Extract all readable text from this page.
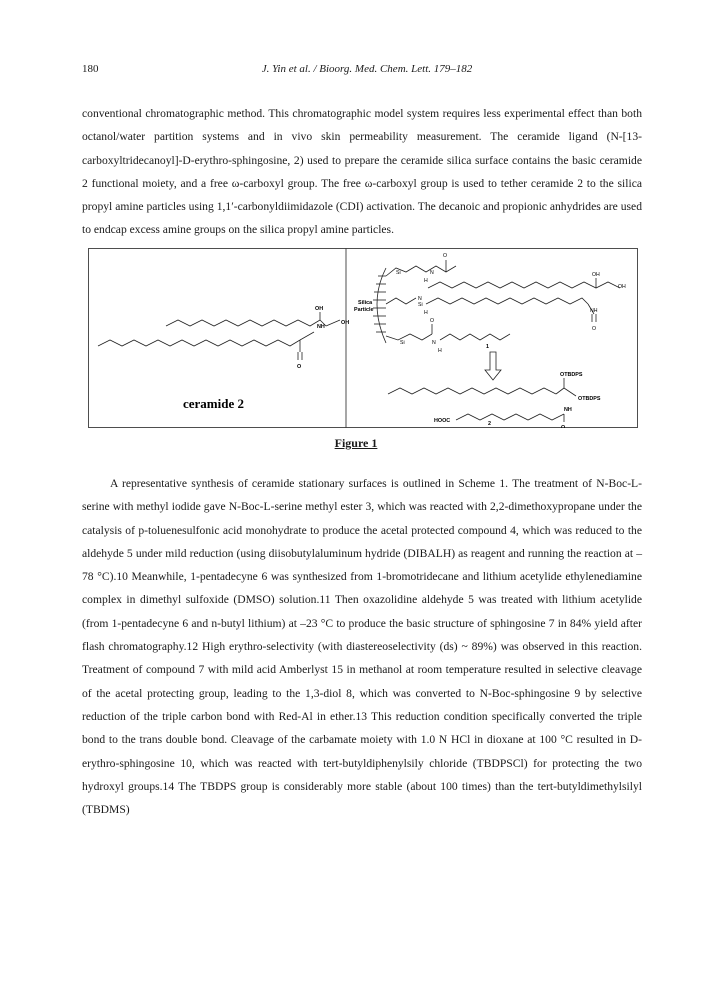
180	J. Yin et al. / Bioorg. Med. Chem. Lett. 179–182

conventional chromatographic method. This chromatographic model system requires less experimental effect than both octanol/water partition systems and in vivo skin permeability measurement. The ceramide ligand (N-[13-carboxyltridecanoyl]-D-erythro-sphingosine, 2) used to prepare the ceramide silica surface contains the basic ceramide 2 functional moiety, and a free ω-carboxyl group. The free ω-carboxyl group is used to tether ceramide 2 to the silica propyl amine particles using 1,1′-carbonyldiimidazole (CDI) activation. The decanoic and propionic anhydrides are used to endcap excess amine groups on the silica propyl amine particles.

OH
NH
OH
O
Silica
Particle
Si
Si
Si
N
H
O
N
H
O
OH
OH
NH
N
H
O
1
OTBDPS
OTBDPS
NH
HOOC
O
2
ceramide 2
Figure 1

A representative synthesis of ceramide stationary surfaces is outlined in Scheme 1. The treatment of N-Boc-L-serine with methyl iodide gave N-Boc-L-serine methyl ester 3, which was reacted with 2,2-dimethoxypropane under the catalysis of p-toluenesulfonic acid monohydrate to produce the acetal protected compound 4, which was reduced to the aldehyde 5 under mild reduction (using diisobutylaluminum hydride (DIBALH) as reagent and running the reaction at –78 °C).10 Meanwhile, 1-pentadecyne 6 was synthesized from 1-bromotridecane and lithium acetylide ethylenediamine complex in dimethyl sulfoxide (DMSO) solution.11 Then oxazolidine aldehyde 5 was treated with lithium acetylide (from 1-pentadecyne 6 and n-butyl lithium) at –23 °C to produce the basic structure of sphingosine 7 in 84% yield after flash chromatography.12 High erythro-selectivity (with diastereoselectivity (ds) ~ 89%) was observed in this reaction. Treatment of compound 7 with mild acid Amberlyst 15 in methanol at room temperature resulted in selective cleavage of the acetal protecting group, leading to the 1,3-diol 8, which was converted to N-Boc-sphingosine 9 by selective reduction of the triple carbon bond with Red-Al in ether.13 This reduction condition specifically converted the triple bond to the trans double bond. Cleavage of the carbamate moiety with 1.0 N HCl in dioxane at 100 °C resulted in D-erythro-sphingosine 10, which was reacted with tert-butyldiphenylsily chloride (TBDPSCl) for protecting the two hydroxyl groups.14 The TBDPS group is considerably more stable (about 100 times) than the tert-butyldimethylsilyl (TBDMS)
